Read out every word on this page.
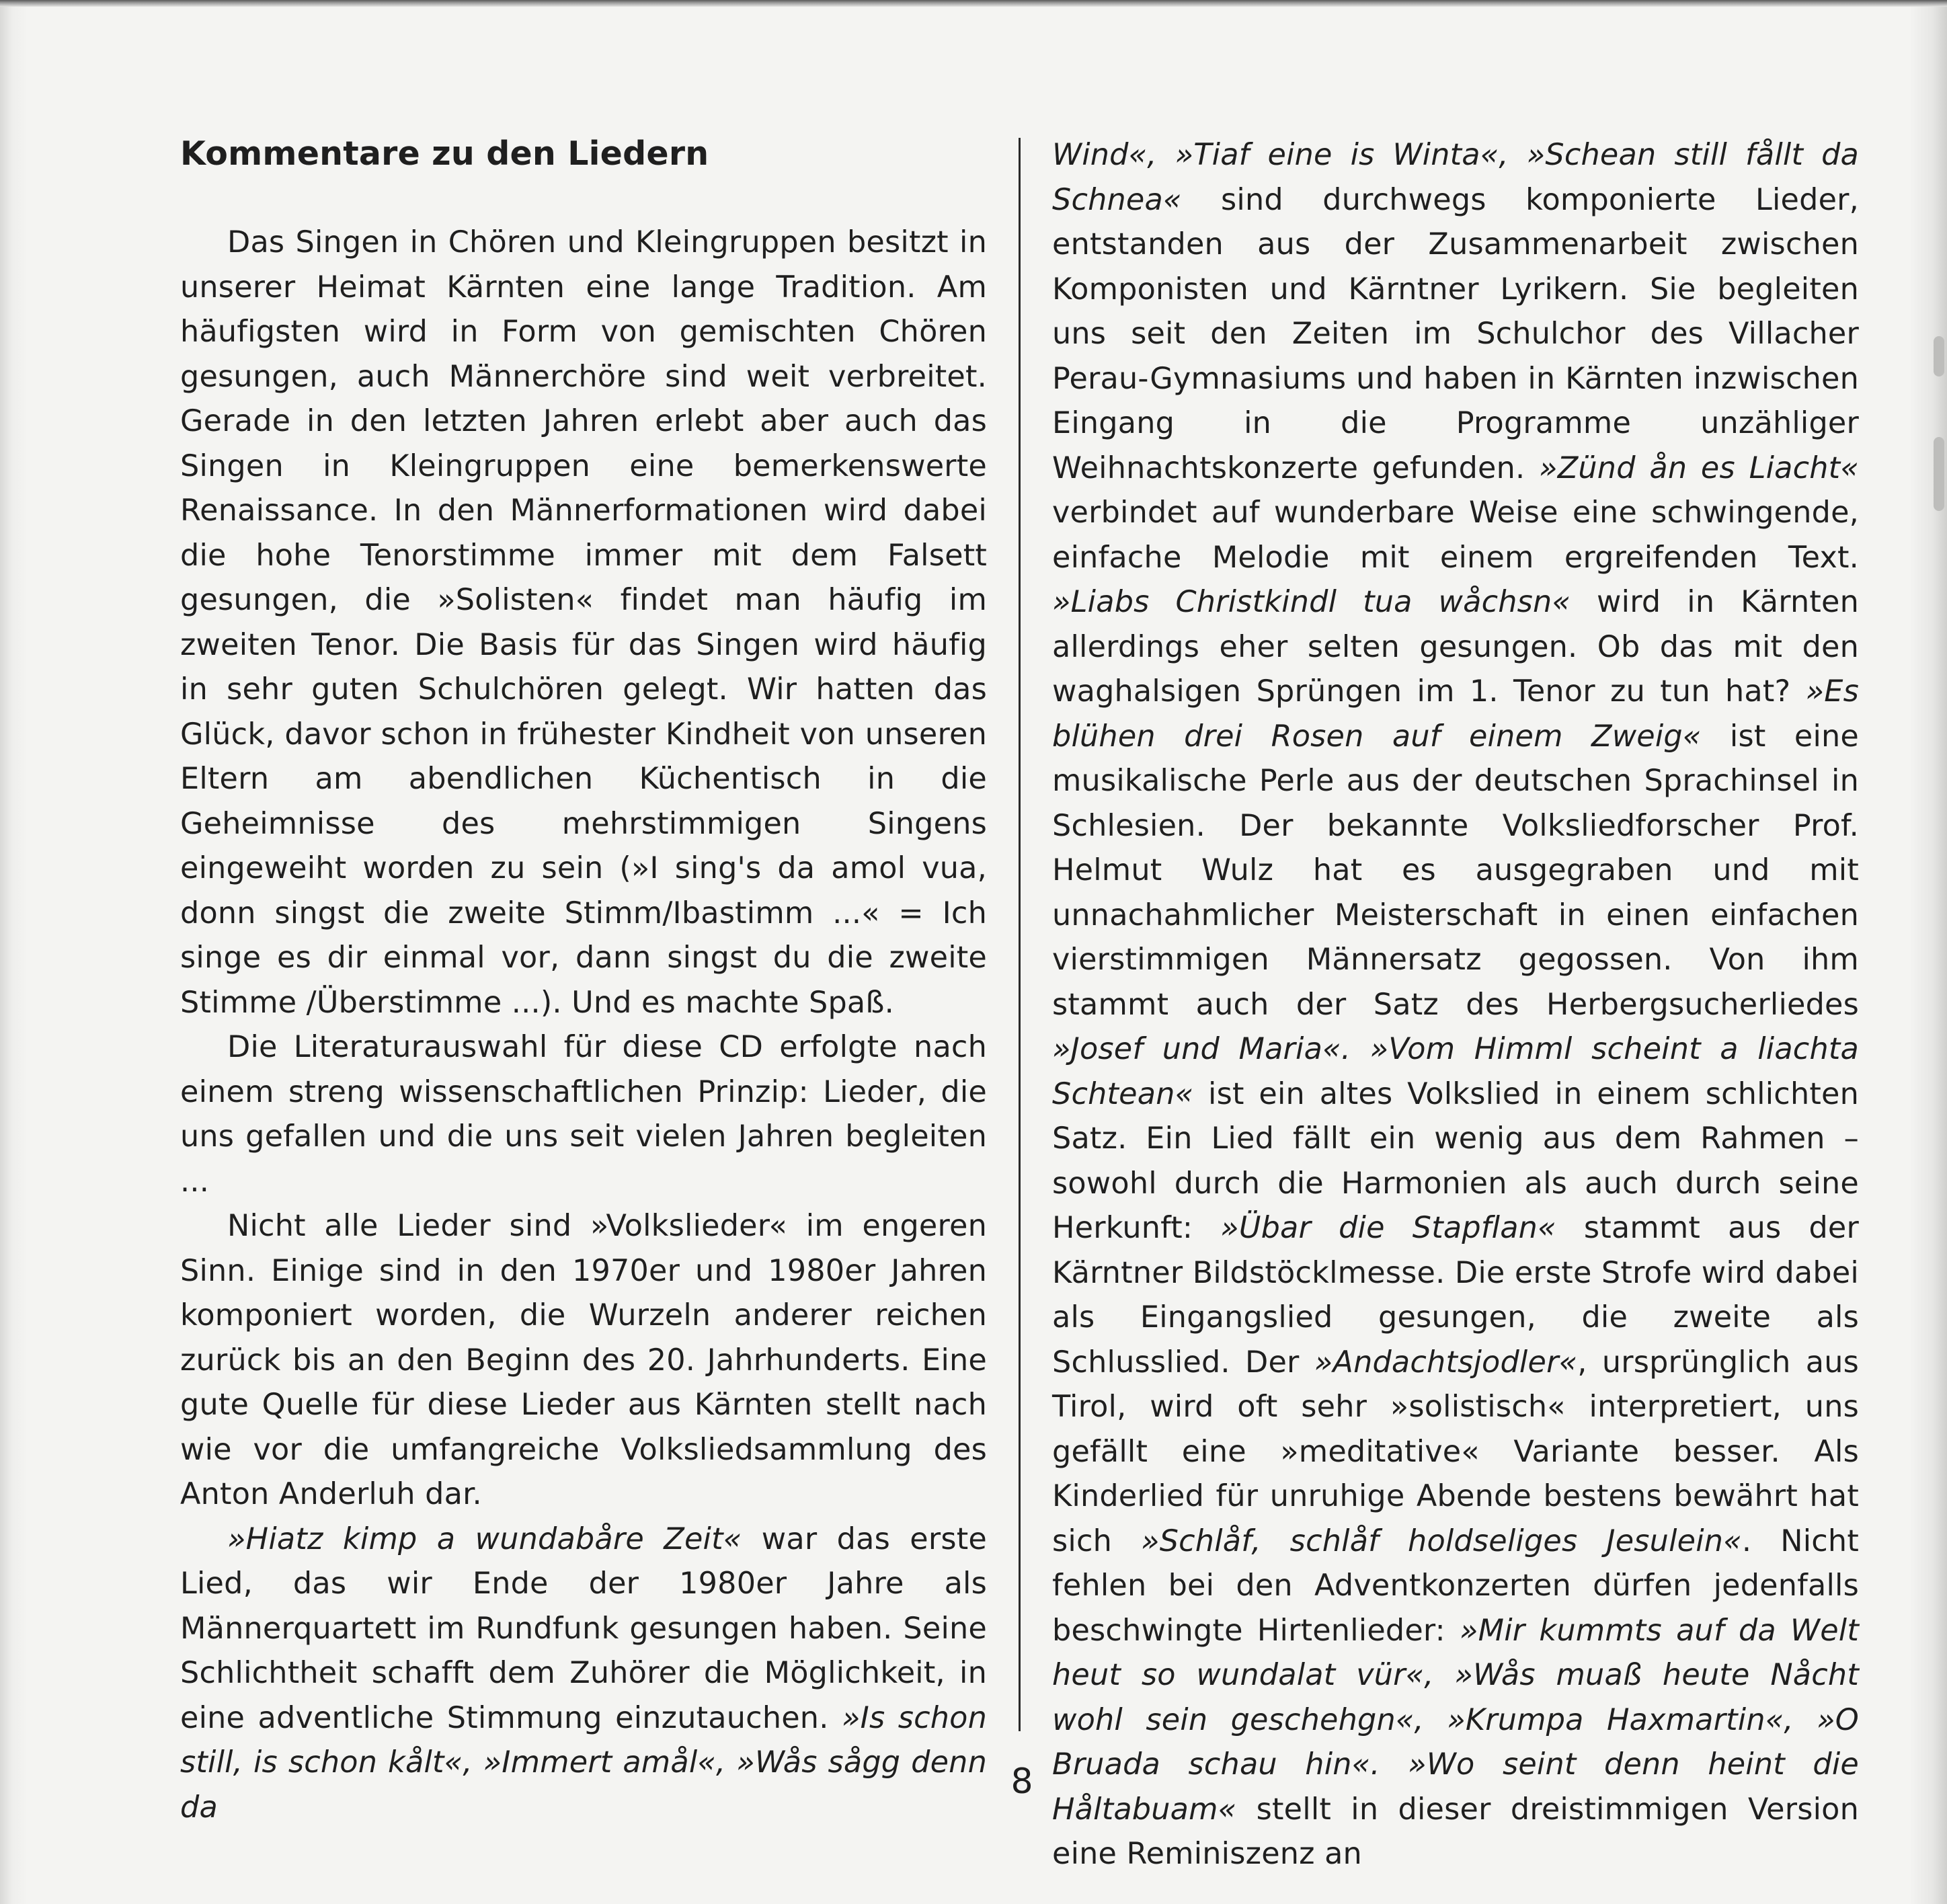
Kommentare zu den Liedern

Das Singen in Chören und Kleingruppen besitzt in unserer Heimat Kärnten eine lange Tradition. Am häufigsten wird in Form von gemischten Chören gesungen, auch Männerchöre sind weit verbreitet. Gerade in den letzten Jahren erlebt aber auch das Singen in Kleingruppen eine bemerkenswerte Renaissance. In den Männerformationen wird dabei die hohe Tenorstimme immer mit dem Falsett gesungen, die »Solisten« findet man häufig im zweiten Tenor. Die Basis für das Singen wird häufig in sehr guten Schulchören gelegt. Wir hatten das Glück, davor schon in frühester Kindheit von unseren Eltern am abendlichen Küchentisch in die Geheimnisse des mehrstimmigen Singens eingeweiht worden zu sein (»I sing's da amol vua, donn singst die zweite Stimm/Ibastimm ...« = Ich singe es dir einmal vor, dann singst du die zweite Stimme /Überstimme ...). Und es machte Spaß.

Die Literaturauswahl für diese CD erfolgte nach einem streng wissenschaftlichen Prinzip: Lieder, die uns gefallen und die uns seit vielen Jahren begleiten ...

Nicht alle Lieder sind »Volkslieder« im engeren Sinn. Einige sind in den 1970er und 1980er Jahren komponiert worden, die Wurzeln anderer reichen zurück bis an den Beginn des 20. Jahrhunderts. Eine gute Quelle für diese Lieder aus Kärnten stellt nach wie vor die umfangreiche Volksliedsammlung des Anton Anderluh dar.

»Hiatz kimp a wundabåre Zeit« war das erste Lied, das wir Ende der 1980er Jahre als Männerquartett im Rundfunk gesungen haben. Seine Schlichtheit schafft dem Zuhörer die Möglichkeit, in eine adventliche Stimmung einzutauchen. »Is schon still, is schon kålt«, »Immert amål«, »Wås sågg denn da

Wind«, »Tiaf eine is Winta«, »Schean still fållt da Schnea« sind durchwegs komponierte Lieder, entstanden aus der Zusammenarbeit zwischen Komponisten und Kärntner Lyrikern. Sie begleiten uns seit den Zeiten im Schulchor des Villacher Perau-Gymnasiums und haben in Kärnten inzwischen Eingang in die Programme unzähliger Weihnachtskonzerte gefunden. »Zünd ån es Liacht« verbindet auf wunderbare Weise eine schwingende, einfache Melodie mit einem ergreifenden Text. »Liabs Christkindl tua wåchsn« wird in Kärnten allerdings eher selten gesungen. Ob das mit den waghalsigen Sprüngen im 1. Tenor zu tun hat? »Es blühen drei Rosen auf einem Zweig« ist eine musikalische Perle aus der deutschen Sprachinsel in Schlesien. Der bekannte Volksliedforscher Prof. Helmut Wulz hat es ausgegraben und mit unnachahmlicher Meisterschaft in einen einfachen vierstimmigen Männersatz gegossen. Von ihm stammt auch der Satz des Herbergsucherliedes »Josef und Maria«. »Vom Himml scheint a liachta Schtean« ist ein altes Volkslied in einem schlichten Satz. Ein Lied fällt ein wenig aus dem Rahmen – sowohl durch die Harmonien als auch durch seine Herkunft: »Übar die Stapflan« stammt aus der Kärntner Bildstöcklmesse. Die erste Strofe wird dabei als Eingangslied gesungen, die zweite als Schlusslied. Der »Andachtsjodler«, ursprünglich aus Tirol, wird oft sehr »solistisch« interpretiert, uns gefällt eine »meditative« Variante besser. Als Kinderlied für unruhige Abende bestens bewährt hat sich »Schlåf, schlåf holdseliges Jesulein«. Nicht fehlen bei den Adventkonzerten dürfen jedenfalls beschwingte Hirtenlieder: »Mir kummts auf da Welt heut so wundalat vür«, »Wås muaß heute Nåcht wohl sein geschehgn«, »Krumpa Haxmartin«, »O Bruada schau hin«. »Wo seint denn heint die Håltabuam« stellt in dieser dreistimmigen Version eine Reminiszenz an

8
